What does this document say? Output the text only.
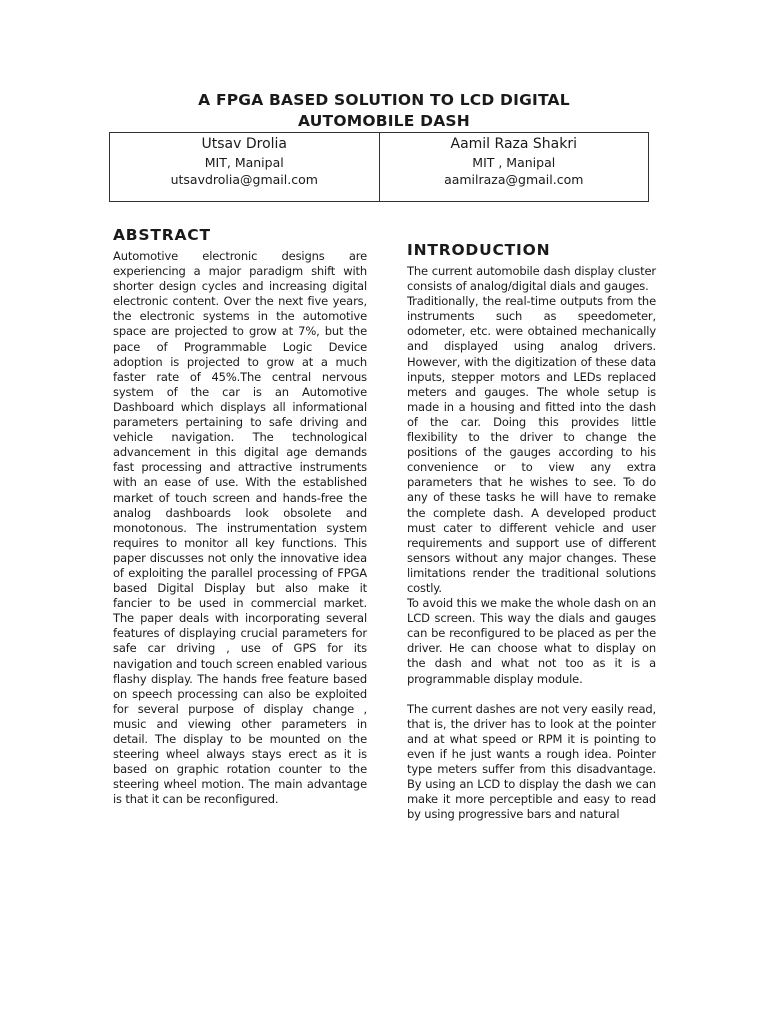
A FPGA BASED SOLUTION TO LCD DIGITAL
AUTOMOBILE DASH
Utsav Drolia
MIT, Manipal
utsavdrolia@gmail.com
Aamil Raza Shakri
MIT , Manipal
aamilraza@gmail.com
ABSTRACT

Automotive electronic designs are experiencing a major paradigm shift with shorter design cycles and increasing digital electronic content. Over the next five years, the electronic systems in the automotive space are projected to grow at 7%, but the pace of Programmable Logic Device adoption is projected to grow at a much faster rate of 45%.The central nervous system of the car is an Automotive Dashboard which displays all informational parameters pertaining to safe driving and vehicle navigation. The technological advancement in this digital age demands fast processing and attractive instruments with an ease of use. With the established market of touch screen and hands-free the analog dashboards look obsolete and monotonous. The instrumentation system requires to monitor all key functions. This paper discusses not only the innovative idea of exploiting the parallel processing of FPGA based Digital Display but also make it fancier to be used in commercial market. The paper deals with incorporating several features of displaying crucial parameters for safe car driving , use of GPS for its navigation and touch screen enabled various flashy display. The hands free feature based on speech processing can also be exploited for several purpose of display change , music and viewing other parameters in detail. The display to be mounted on the steering wheel always stays erect as it is based on graphic rotation counter to the steering wheel motion. The main advantage is that it can be reconfigured.

INTRODUCTION

The current automobile dash display cluster consists of analog/digital dials and gauges.

Traditionally, the real-time outputs from the instruments such as speedometer, odometer, etc. were obtained mechanically and displayed using analog drivers. However, with the digitization of these data inputs, stepper motors and LEDs replaced meters and gauges. The whole setup is made in a housing and fitted into the dash of the car. Doing this provides little flexibility to the driver to change the positions of the gauges according to his convenience or to view any extra parameters that he wishes to see. To do any of these tasks he will have to remake the complete dash. A developed product must cater to different vehicle and user requirements and support use of different sensors without any major changes. These limitations render the traditional solutions costly.

To avoid this we make the whole dash on an LCD screen. This way the dials and gauges can be reconfigured to be placed as per the driver. He can choose what to display on the dash and what not too as it is a programmable display module.

The current dashes are not very easily read, that is, the driver has to look at the pointer and at what speed or RPM it is pointing to even if he just wants a rough idea. Pointer type meters suffer from this disadvantage. By using an LCD to display the dash we can make it more perceptible and easy to read by using progressive bars and natural
